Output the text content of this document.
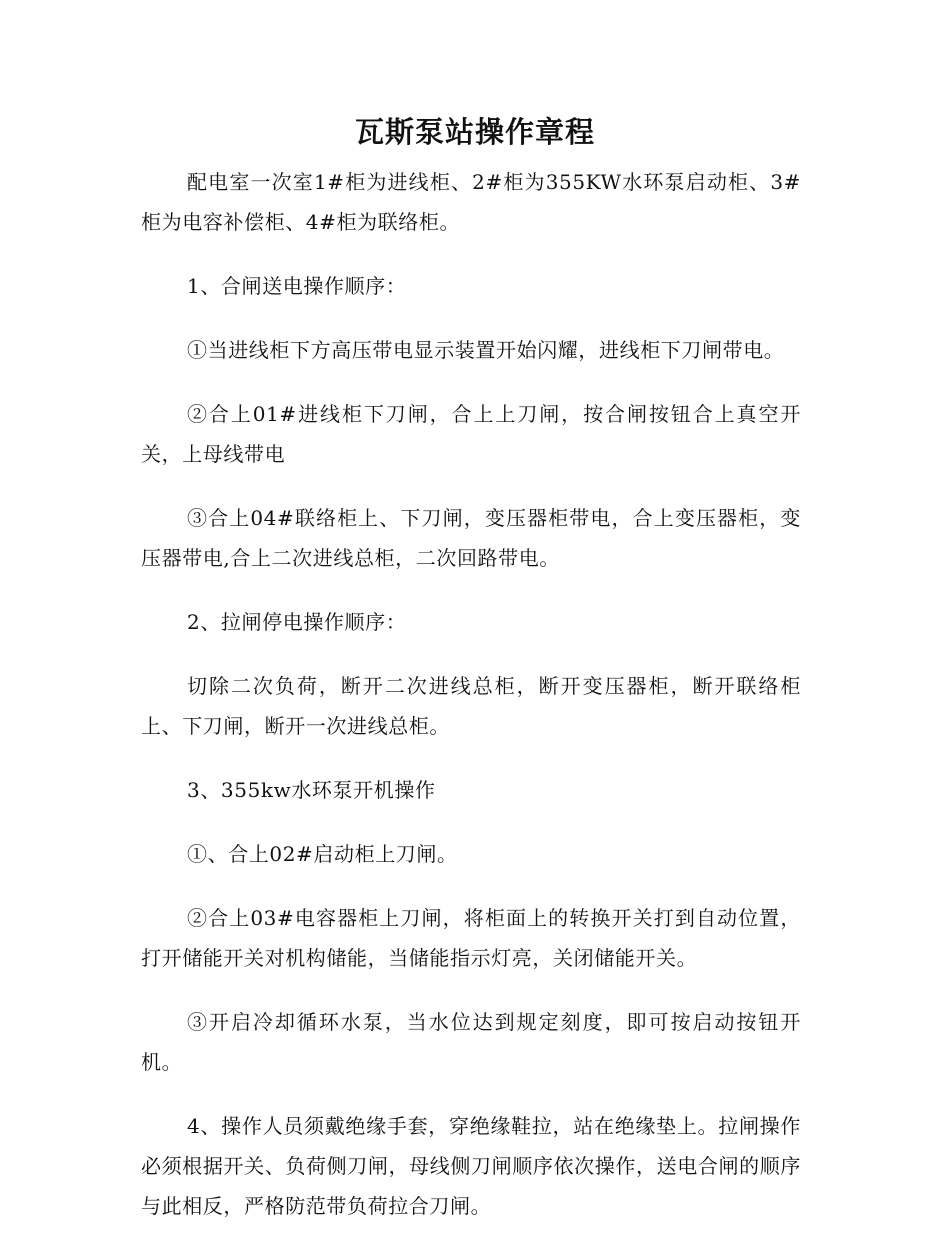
瓦斯泵站操作章程

配电室一次室1#柜为进线柜、2#柜为355KW水环泵启动柜、3#柜为电容补偿柜、4#柜为联络柜。

1、合闸送电操作顺序：

①当进线柜下方高压带电显示装置开始闪耀，进线柜下刀闸带电。

②合上01#进线柜下刀闸，合上上刀闸，按合闸按钮合上真空开关，上母线带电

③合上04#联络柜上、下刀闸，变压器柜带电，合上变压器柜，变压器带电,合上二次进线总柜，二次回路带电。

2、拉闸停电操作顺序：

切除二次负荷，断开二次进线总柜，断开变压器柜，断开联络柜上、下刀闸，断开一次进线总柜。

3、355kw水环泵开机操作

①、合上02#启动柜上刀闸。

②合上03#电容器柜上刀闸，将柜面上的转换开关打到自动位置，打开储能开关对机构储能，当储能指示灯亮，关闭储能开关。

③开启冷却循环水泵，当水位达到规定刻度，即可按启动按钮开机。

4、操作人员须戴绝缘手套，穿绝缘鞋拉，站在绝缘垫上。拉闸操作必须根据开关、负荷侧刀闸，母线侧刀闸顺序依次操作，送电合闸的顺序与此相反，严格防范带负荷拉合刀闸。
